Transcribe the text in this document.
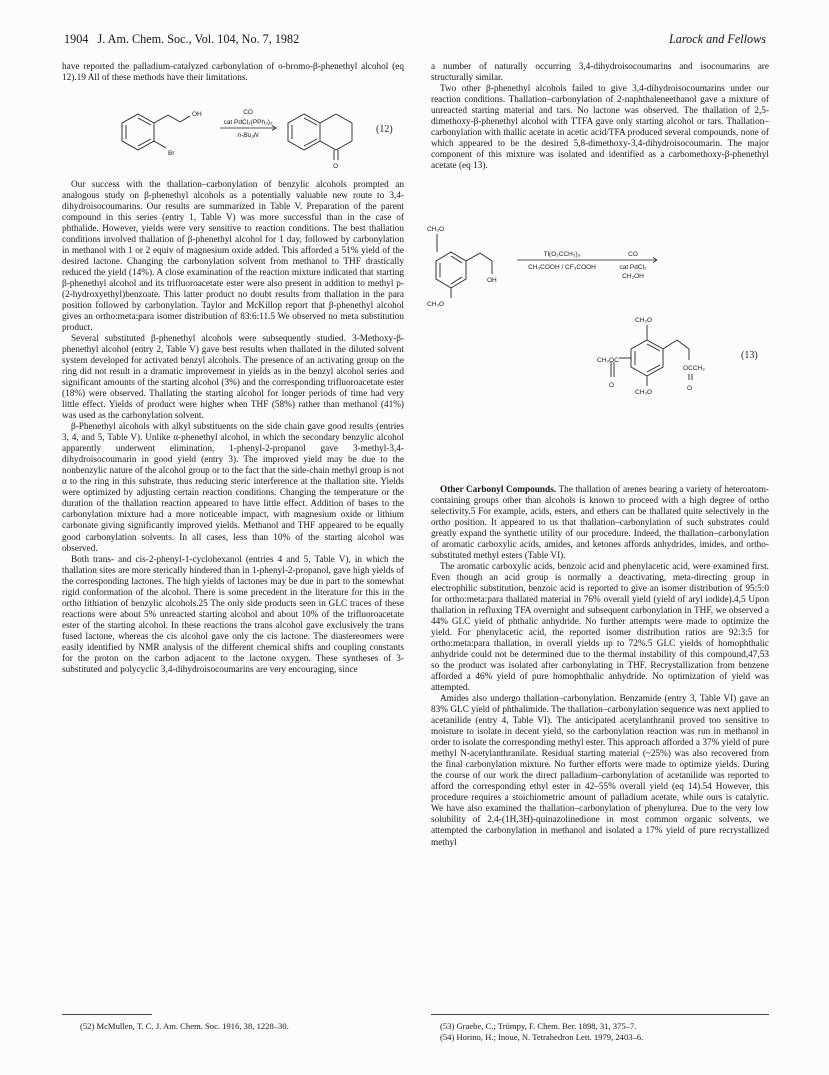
1904   J. Am. Chem. Soc., Vol. 104, No. 7, 1982	Larock and Fellows

have reported the palladium-catalyzed carbonylation of o-bromo-β-phenethyl alcohol (eq 12).19 All of these methods have their limitations.

OH
Br
CO
cat PdCl₂(PPh₃)₂
n-Bu₃N
O
(12)

Our success with the thallation–carbonylation of benzylic alcohols prompted an analogous study on β-phenethyl alcohols as a potentially valuable new route to 3,4-dihydroisocoumarins. Our results are summarized in Table V. Preparation of the parent compound in this series (entry 1, Table V) was more successful than in the case of phthalide. However, yields were very sensitive to reaction conditions. The best thallation conditions involved thallation of β-phenethyl alcohol for 1 day, followed by carbonylation in methanol with 1 or 2 equiv of magnesium oxide added. This afforded a 51% yield of the desired lactone. Changing the carbonylation solvent from methanol to THF drastically reduced the yield (14%). A close examination of the reaction mixture indicated that starting β-phenethyl alcohol and its trifluoroacetate ester were also present in addition to methyl p-(2-hydroxyethyl)benzoate. This latter product no doubt results from thallation in the para position followed by carbonylation. Taylor and McKillop report that β-phenethyl alcohol gives an ortho:meta:para isomer distribution of 83:6:11.5 We observed no meta substitution product.

Several substituted β-phenethyl alcohols were subsequently studied. 3-Methoxy-β-phenethyl alcohol (entry 2, Table V) gave best results when thallated in the diluted solvent system developed for activated benzyl alcohols. The presence of an activating group on the ring did not result in a dramatic improvement in yields as in the benzyl alcohol series and significant amounts of the starting alcohol (3%) and the corresponding trifluoroacetate ester (18%) were observed. Thallating the starting alcohol for longer periods of time had very little effect. Yields of product were higher when THF (58%) rather than methanol (41%) was used as the carbonylation solvent.

β-Phenethyl alcohols with alkyl substituents on the side chain gave good results (entries 3, 4, and 5, Table V). Unlike α-phenethyl alcohol, in which the secondary benzylic alcohol apparently underwent elimination, 1-phenyl-2-propanol gave 3-methyl-3,4-dihydroisocoumarin in good yield (entry 3). The improved yield may be due to the nonbenzylic nature of the alcohol group or to the fact that the side-chain methyl group is not α to the ring in this substrate, thus reducing steric interference at the thallation site. Yields were optimized by adjusting certain reaction conditions. Changing the temperature or the duration of the thallation reaction appeared to have little effect. Addition of bases to the carbonylation mixture had a more noticeable impact, with magnesium oxide or lithium carbonate giving significantly improved yields. Methanol and THF appeared to be equally good carbonylation solvents. In all cases, less than 10% of the starting alcohol was observed.

Both trans- and cis-2-phenyl-1-cyclohexanol (entries 4 and 5, Table V), in which the thallation sites are more sterically hindered than in 1-phenyl-2-propanol, gave high yields of the corresponding lactones. The high yields of lactones may be due in part to the somewhat rigid conformation of the alcohol. There is some precedent in the literature for this in the ortho lithiation of benzylic alcohols.25 The only side products seen in GLC traces of these reactions were about 5% unreacted starting alcohol and about 10% of the trifluoroacetate ester of the starting alcohol. In these reactions the trans alcohol gave exclusively the trans fused lactone, whereas the cis alcohol gave only the cis lactone. The diastereomers were easily identified by NMR analysis of the different chemical shifts and coupling constants for the proton on the carbon adjacent to the lactone oxygen. These syntheses of 3-substituted and polycyclic 3,4-dihydroisocoumarins are very encouraging, since

(52) McMullen, T. C. J. Am. Chem. Soc. 1916, 38, 1228–30.

a number of naturally occurring 3,4-dihydroisocoumarins and isocoumarins are structurally similar.

Two other β-phenethyl alcohols failed to give 3,4-dihydroisocoumarins under our reaction conditions. Thallation–carbonylation of 2-naphthaleneethanol gave a mixture of unreacted starting material and tars. No lactone was observed. The thallation of 2,5-dimethoxy-β-phenethyl alcohol with TTFA gave only starting alcohol or tars. Thallation–carbonylation with thallic acetate in acetic acid/TFA produced several compounds, none of which appeared to be the desired 5,8-dimethoxy-3,4-dihydroisocoumarin. The major component of this mixture was isolated and identified as a carbomethoxy-β-phenethyl acetate (eq 13).

CH₃O
OH
CH₃O
Tl(O₂CCH₃)₃
CH₃COOH / CF₃COOH
CO
cat PdCl₂
CH₃OH
CH₃O
CH₃OC
O
OCCH₃
O
CH₃O
(13)

Other Carbonyl Compounds. The thallation of arenes bearing a variety of heteroatom-containing groups other than alcohols is known to proceed with a high degree of ortho selectivity.5 For example, acids, esters, and ethers can be thallated quite selectively in the ortho position. It appeared to us that thallation–carbonylation of such substrates could greatly expand the synthetic utility of our procedure. Indeed, the thallation–carbonylation of aromatic carboxylic acids, amides, and ketones affords anhydrides, imides, and ortho-substituted methyl esters (Table VI).

The aromatic carboxylic acids, benzoic acid and phenylacetic acid, were examined first. Even though an acid group is normally a deactivating, meta-directing group in electrophilic substitution, benzoic acid is reported to give an isomer distribution of 95:5:0 for ortho:meta:para thallated material in 76% overall yield (yield of aryl iodide).4,5 Upon thallation in refluxing TFA overnight and subsequent carbonylation in THF, we observed a 44% GLC yield of phthalic anhydride. No further attempts were made to optimize the yield. For phenylacetic acid, the reported isomer distribution ratios are 92:3:5 for ortho:meta:para thallation, in overall yields up to 72%.5 GLC yields of homophthalic anhydride could not be determined due to the thermal instability of this compound,47,53 so the product was isolated after carbonylating in THF. Recrystallization from benzene afforded a 46% yield of pure homophthalic anhydride. No optimization of yield was attempted.

Amides also undergo thallation–carbonylation. Benzamide (entry 3, Table VI) gave an 83% GLC yield of phthalimide. The thallation–carbonylation sequence was next applied to acetanilide (entry 4, Table VI). The anticipated acetylanthranil proved too sensitive to moisture to isolate in decent yield, so the carbonylation reaction was run in methanol in order to isolate the corresponding methyl ester. This approach afforded a 37% yield of pure methyl N-acetylanthranilate. Residual starting material (~25%) was also recovered from the final carbonylation mixture. No further efforts were made to optimize yields. During the course of our work the direct palladium–carbonylation of acetanilide was reported to afford the corresponding ethyl ester in 42–55% overall yield (eq 14).54 However, this procedure requires a stoichiometric amount of palladium acetate, while ours is catalytic. We have also examined the thallation–carbonylation of phenylurea. Due to the very low solubility of 2,4-(1H,3H)-quinazolinedione in most common organic solvents, we attempted the carbonylation in methanol and isolated a 17% yield of pure recrystallized methyl

(53) Graebe, C.; Trümpy, F. Chem. Ber. 1898, 31, 375–7.
(54) Horino, H.; Inoue, N. Tetrahedron Lett. 1979, 2403–6.
